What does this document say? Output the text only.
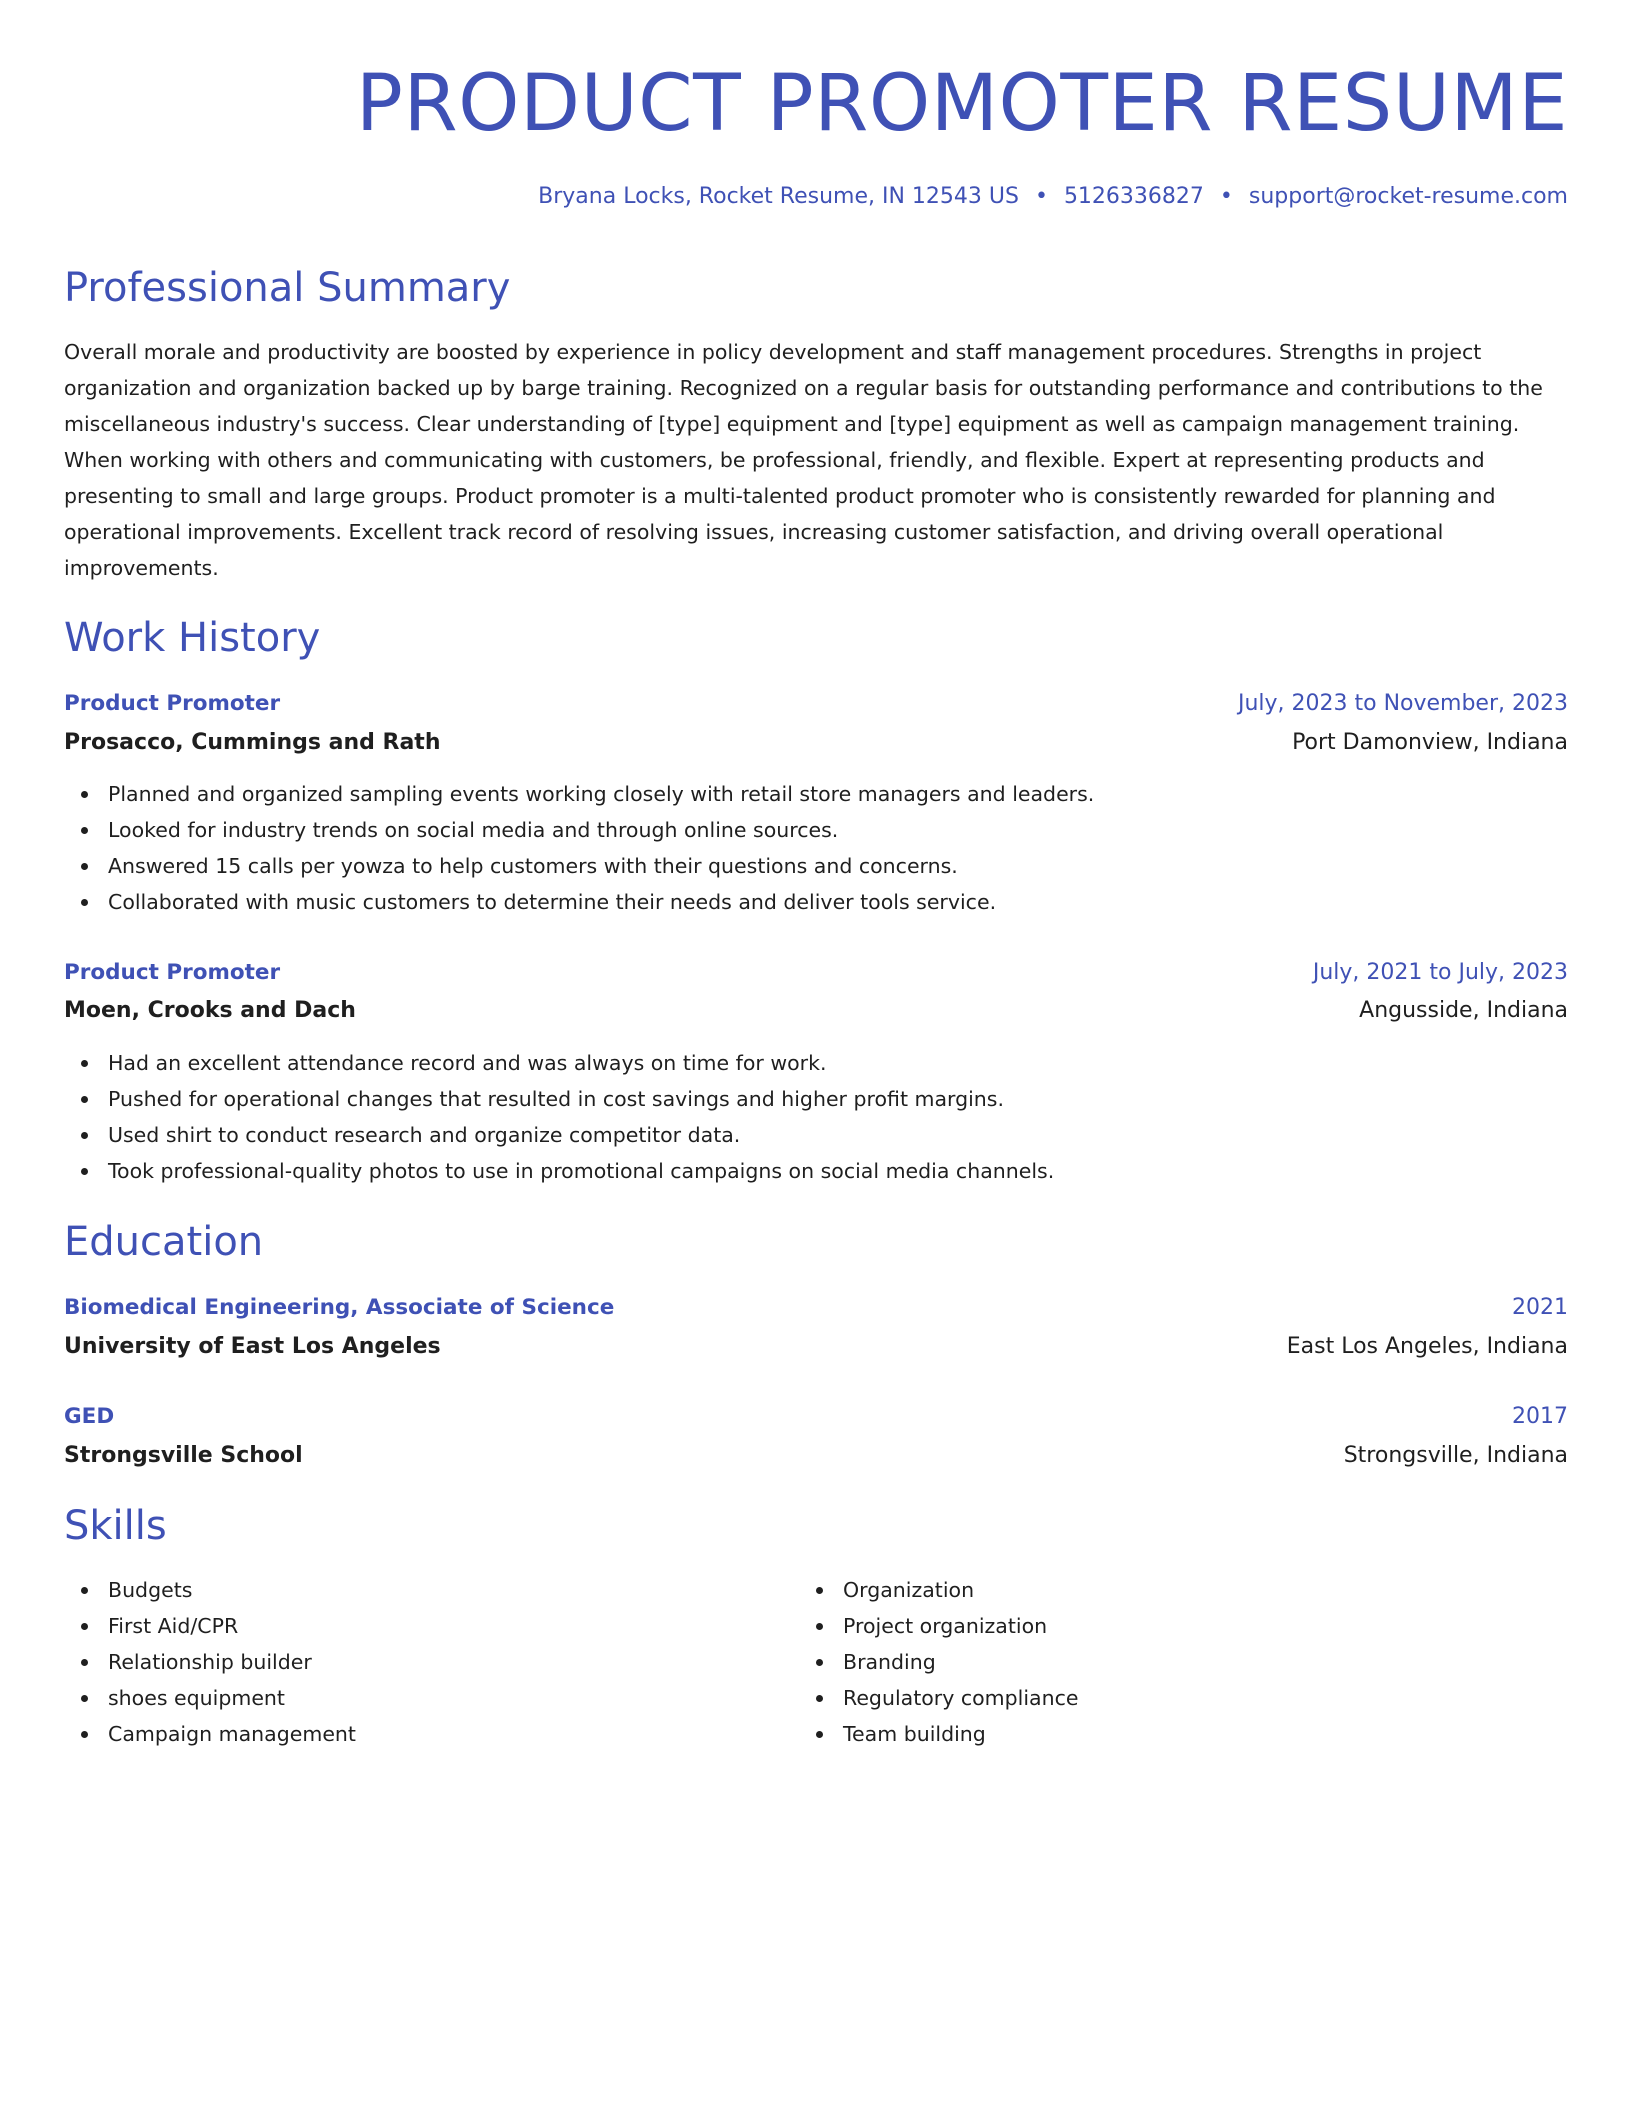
PRODUCT PROMOTER RESUME
Bryana Locks, Rocket Resume, IN 12543 US • 5126336827 • support@rocket-resume.com
Professional Summary

Overall morale and productivity are boosted by experience in policy development and staff management procedures. Strengths in project organization and organization backed up by barge training. Recognized on a regular basis for outstanding performance and contributions to the miscellaneous industry's success. Clear understanding of [type] equipment and [type] equipment as well as campaign management training. When working with others and communicating with customers, be professional, friendly, and flexible. Expert at representing products and presenting to small and large groups. Product promoter is a multi-talented product promoter who is consistently rewarded for planning and operational improvements. Excellent track record of resolving issues, increasing customer satisfaction, and driving overall operational improvements.

Work History
Product Promoter	July, 2023 to November, 2023
Prosacco, Cummings and Rath	Port Damonview, Indiana
Planned and organized sampling events working closely with retail store managers and leaders.
Looked for industry trends on social media and through online sources.
Answered 15 calls per yowza to help customers with their questions and concerns.
Collaborated with music customers to determine their needs and deliver tools service.
Product Promoter	July, 2021 to July, 2023
Moen, Crooks and Dach	Angusside, Indiana
Had an excellent attendance record and was always on time for work.
Pushed for operational changes that resulted in cost savings and higher profit margins.
Used shirt to conduct research and organize competitor data.
Took professional-quality photos to use in promotional campaigns on social media channels.
Education
Biomedical Engineering, Associate of Science	2021
University of East Los Angeles	East Los Angeles, Indiana
GED	2017
Strongsville School	Strongsville, Indiana
Skills
Budgets
First Aid/CPR
Relationship builder
shoes equipment
Campaign management
Organization
Project organization
Branding
Regulatory compliance
Team building
